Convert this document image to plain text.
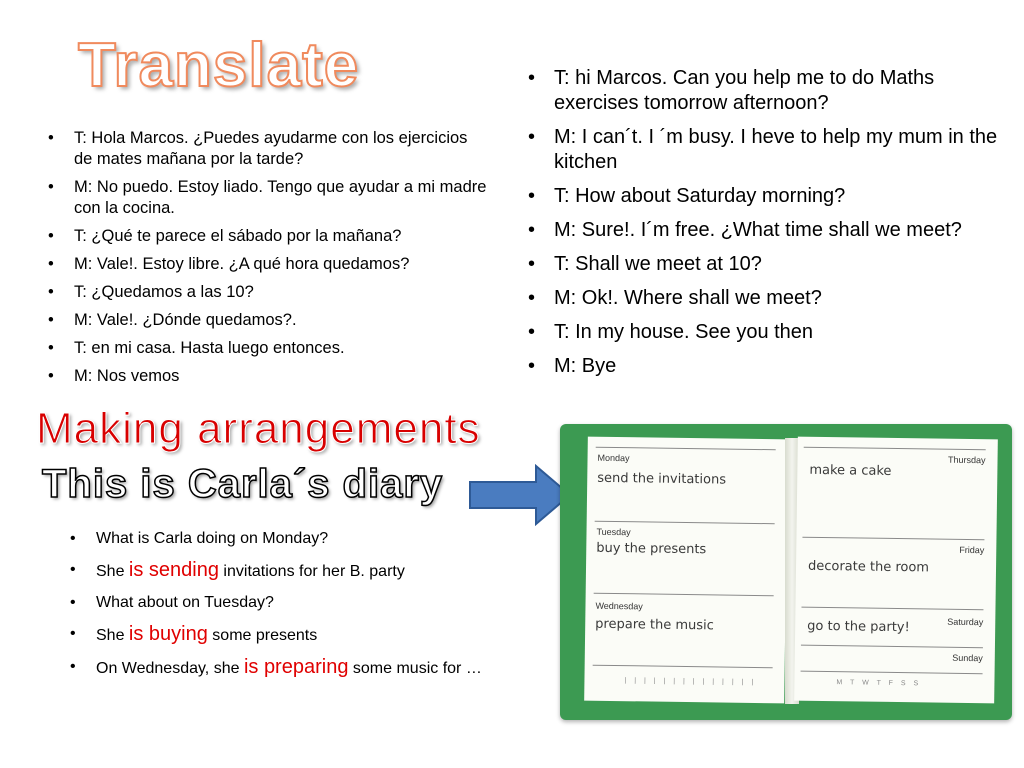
Translate
• T: Hola Marcos. ¿Puedes ayudarme con los ejercicios de mates mañana por la tarde?
• M: No puedo. Estoy liado. Tengo que ayudar a mi madre con la cocina.
• T: ¿Qué te parece el sábado por la mañana?
• M: Vale!. Estoy libre. ¿A qué hora quedamos?
• T: ¿Quedamos a las 10?
• M: Vale!. ¿Dónde quedamos?.
• T: en mi casa. Hasta luego entonces.
• M: Nos vemos
• T: hi Marcos. Can you help me to do Maths exercises tomorrow afternoon?
• M: I can´t. I ´m busy. I heve to help my mum in the kitchen
• T: How about Saturday morning?
• M: Sure!. I´m free. ¿What time shall we meet?
• T: Shall we meet at 10?
• M: Ok!. Where shall we meet?
• T: In my house. See you then
• M: Bye
Making arrangements
This is Carla´s diary
• What is Carla doing on Monday?
• She is sending invitations for her B. party
• What about on Tuesday?
• She is buying some presents
• On Wednesday, she is preparing some music for …
Monday
send the invitations
Tuesday
buy the presents
Wednesday
prepare the music
| | | | | | | | | | | | | |
Thursday
make a cake
Friday
decorate the room
Saturday
go to the party!
Sunday
M T W T F S S
